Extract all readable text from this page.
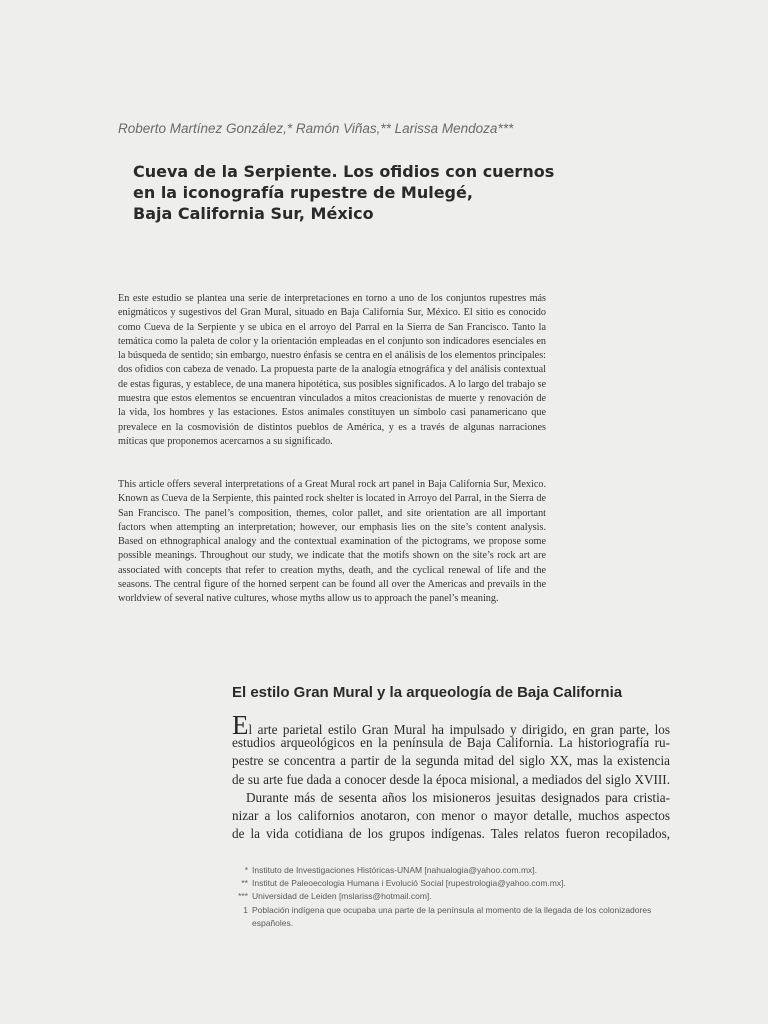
Roberto Martínez González,* Ramón Viñas,** Larissa Mendoza***
Cueva de la Serpiente. Los ofidios con cuernos
en la iconografía rupestre de Mulegé,
Baja California Sur, México

En este estudio se plantea una serie de interpretaciones en torno a uno de los conjuntos rupestres más enigmáticos y sugestivos del Gran Mural, situado en Baja California Sur, México. El sitio es conocido como Cueva de la Serpiente y se ubica en el arroyo del Parral en la Sierra de San Francisco. Tanto la temática como la paleta de color y la orientación empleadas en el conjunto son indicadores esenciales en la búsqueda de sentido; sin embargo, nuestro énfasis se centra en el análisis de los elementos principales: dos ofidios con cabeza de venado. La propuesta parte de la analogía etnográfica y del análisis contextual de estas figuras, y establece, de una manera hipotética, sus posibles significados. A lo largo del trabajo se muestra que estos elementos se encuentran vinculados a mitos creacionistas de muerte y renovación de la vida, los hombres y las estaciones. Estos animales constituyen un símbolo casi panamericano que prevalece en la cosmovisión de distintos pueblos de América, y es a través de algunas narraciones míticas que proponemos acercarnos a su significado.

This article offers several interpretations of a Great Mural rock art panel in Baja California Sur, Mexico. Known as Cueva de la Serpiente, this painted rock shelter is located in Arroyo del Parral, in the Sierra de San Francisco. The panel’s composition, themes, color pallet, and site orientation are all important factors when attempting an interpretation; however, our emphasis lies on the site’s content analysis. Based on ethnographical analogy and the contextual examination of the pictograms, we propose some possible meanings. Throughout our study, we indicate that the motifs shown on the site’s rock art are associated with concepts that refer to creation myths, death, and the cyclical renewal of life and the seasons. The central figure of the horned serpent can be found all over the Americas and prevails in the worldview of several native cultures, whose myths allow us to approach the panel’s meaning.

El estilo Gran Mural y la arqueología de Baja California
El arte parietal estilo Gran Mural ha impulsado y dirigido, en gran parte, los
estudios arqueológicos en la península de Baja California. La historiografía ru-
pestre se concentra a partir de la segunda mitad del siglo XX, mas la existencia
de su arte fue dada a conocer desde la época misional, a mediados del siglo XVIII.
Durante más de sesenta años los misioneros jesuitas designados para cristia-
nizar a los californios anotaron, con menor o mayor detalle, muchos aspectos
de la vida cotidiana de los grupos indígenas. Tales relatos fueron recopilados,
* Instituto de Investigaciones Históricas-UNAM [nahualogia@yahoo.com.mx].
** Institut de Paleoecologia Humana i Evolució Social [rupestrologia@yahoo.com.mx].
*** Universidad de Leiden [mslariss@hotmail.com].
1 Población indígena que ocupaba una parte de la península al momento de la llegada de los colonizadores españoles.
